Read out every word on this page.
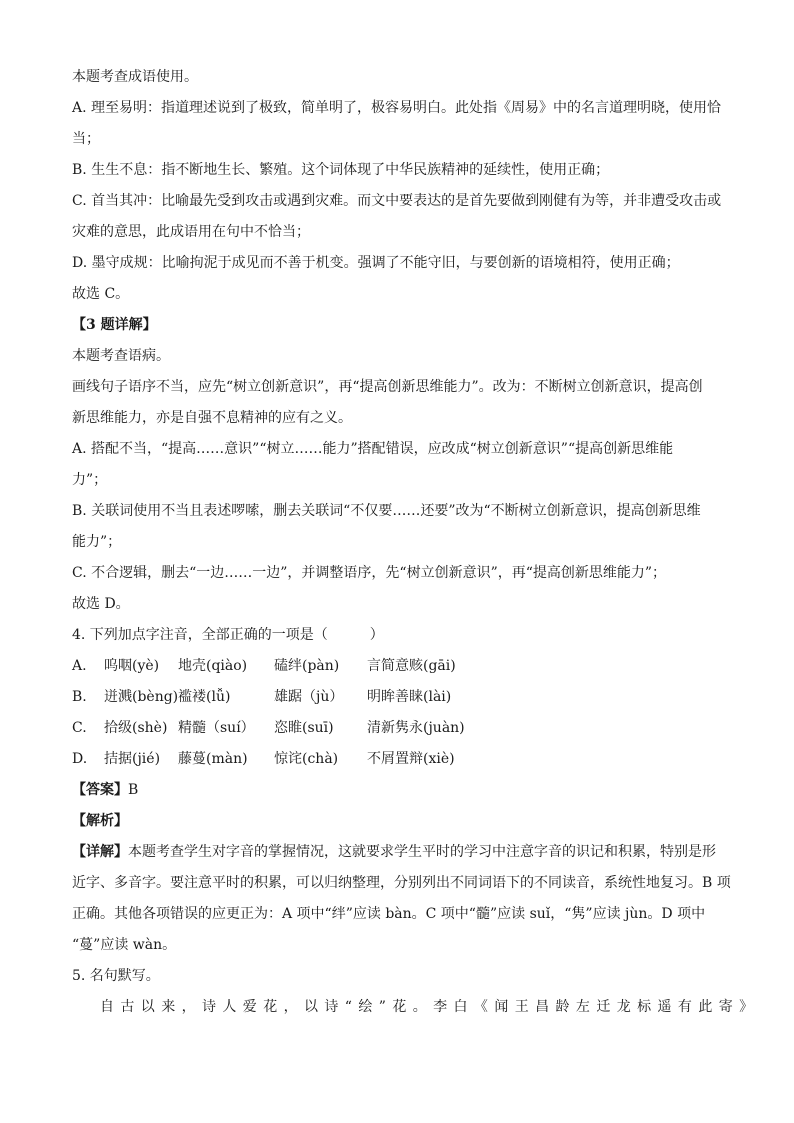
本题考查成语使用。
A. 理至易明：指道理述说到了极致，简单明了，极容易明白。此处指《周易》中的名言道理明晓，使用恰
当；
B. 生生不息：指不断地生长、繁殖。这个词体现了中华民族精神的延续性，使用正确；
C. 首当其冲：比喻最先受到攻击或遇到灾难。而文中要表达的是首先要做到刚健有为等，并非遭受攻击或
灾难的意思，此成语用在句中不恰当；
D. 墨守成规：比喻拘泥于成见而不善于机变。强调了不能守旧，与要创新的语境相符，使用正确；
故选 C。
【3 题详解】
本题考查语病。
画线句子语序不当，应先“树立创新意识”，再“提高创新思维能力”。改为：不断树立创新意识，提高创
新思维能力，亦是自强不息精神的应有之义。
A. 搭配不当，“提高……意识”“树立……能力”搭配错误，应改成“树立创新意识”“提高创新思维能
力”；
B. 关联词使用不当且表述啰嗦，删去关联词“不仅要……还要”改为“不断树立创新意识，提高创新思维
能力”；
C. 不合逻辑，删去“一边……一边”，并调整语序，先“树立创新意识”，再“提高创新思维能力”；
故选 D。
4. 下列加点字注音，全部正确的一项是（　　　）
A. 呜咽(yè) 地壳(qiào) 磕绊(pàn) 言简意赅(gāi)
B. 迸溅(bèng) 褴褛(lǚ)	雄踞（jù） 明眸善睐(lài)
C. 拾级(shè) 精髓（suí） 恣睢(suī) 清新隽永(juàn)
D. 拮据(jié) 藤蔓(màn) 惊诧(chà) 不屑置辩(xiè)
【答案】B
【解析】
【详解】本题考查学生对字音的掌握情况，这就要求学生平时的学习中注意字音的识记和积累，特别是形
近字、多音字。要注意平时的积累，可以归纳整理，分别列出不同词语下的不同读音，系统性地复习。B 项
正确。其他各项错误的应更正为：A 项中“绊”应读 bàn。C 项中“髓”应读 suǐ，“隽”应读 jùn。D 项中
“蔓”应读 wàn。
5. 名句默写。
自古以来，诗人爱花，以诗“绘”花。李白《闻王昌龄左迁龙标遥有此寄》
